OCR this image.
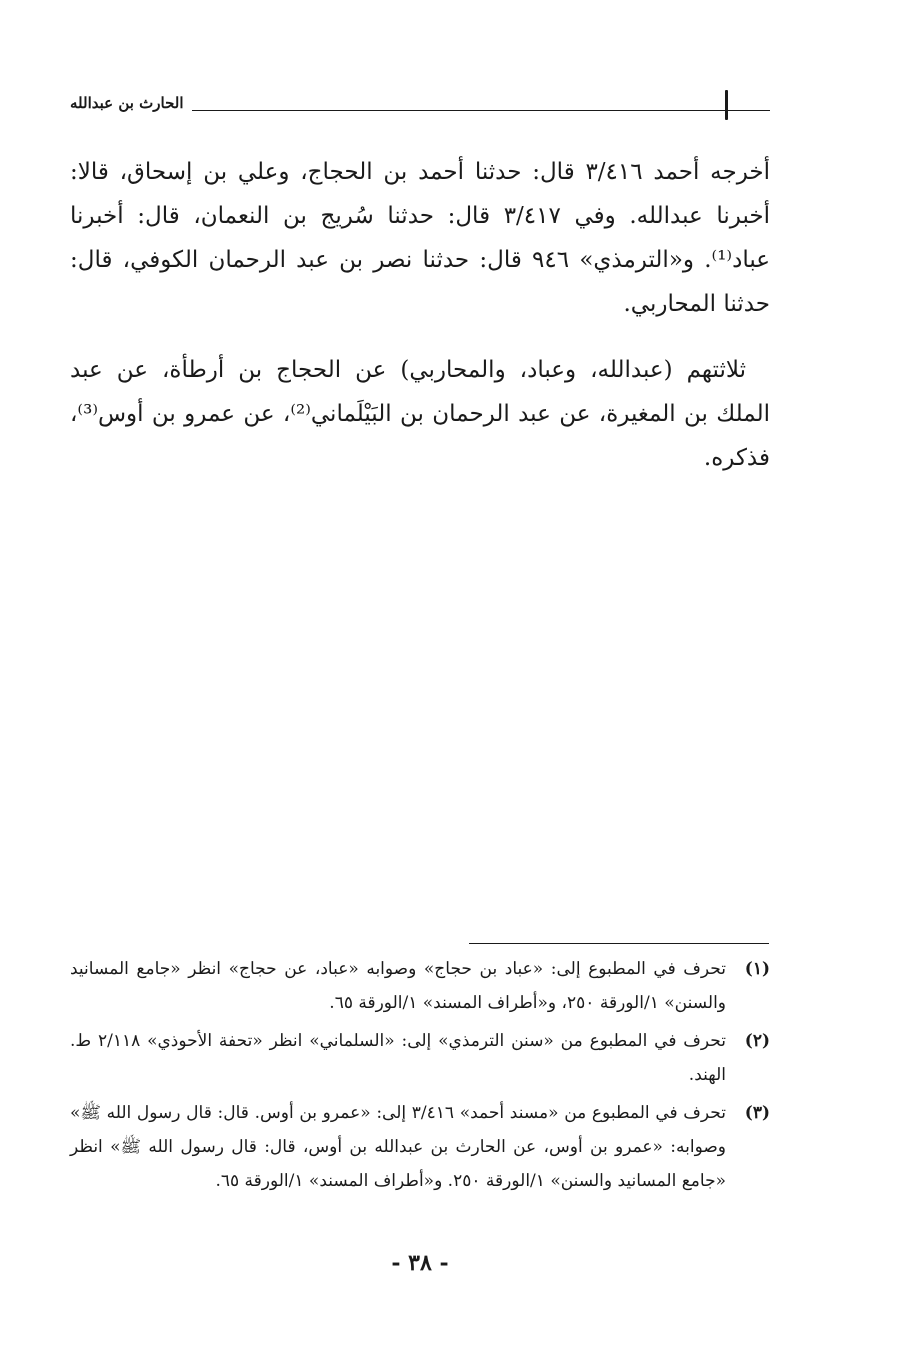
الحارث بن عبدالله

أخرجه أحمد ٣/٤١٦ قال: حدثنا أحمد بن الحجاج، وعلي بن إسحاق، قالا: أخبرنا عبدالله. وفي ٣/٤١٧ قال: حدثنا سُريج بن النعمان، قال: أخبرنا عباد⁽¹⁾. و«الترمذي» ٩٤٦ قال: حدثنا نصر بن عبد الرحمان الكوفي، قال: حدثنا المحاربي.

ثلاثتهم (عبدالله، وعباد، والمحاربي) عن الحجاج بن أرطأة، عن عبد الملك بن المغيرة، عن عبد الرحمان بن البَيْلَماني⁽²⁾، عن عمرو بن أوس⁽³⁾، فذكره.

(١)
تحرف في المطبوع إلى: «عباد بن حجاج» وصوابه «عباد، عن حجاج» انظر «جامع المسانيد والسنن» ١/الورقة ٢٥٠، و«أطراف المسند» ١/الورقة ٦٥.
(٢)
تحرف في المطبوع من «سنن الترمذي» إلى: «السلماني» انظر «تحفة الأحوذي» ٢/١١٨ ط. الهند.
(٣)
تحرف في المطبوع من «مسند أحمد» ٣/٤١٦ إلى: «عمرو بن أوس. قال: قال رسول الله ﷺ» وصوابه: «عمرو بن أوس، عن الحارث بن عبدالله بن أوس، قال: قال رسول الله ﷺ» انظر «جامع المسانيد والسنن» ١/الورقة ٢٥٠. و«أطراف المسند» ١/الورقة ٦٥.
- ٣٨ -
